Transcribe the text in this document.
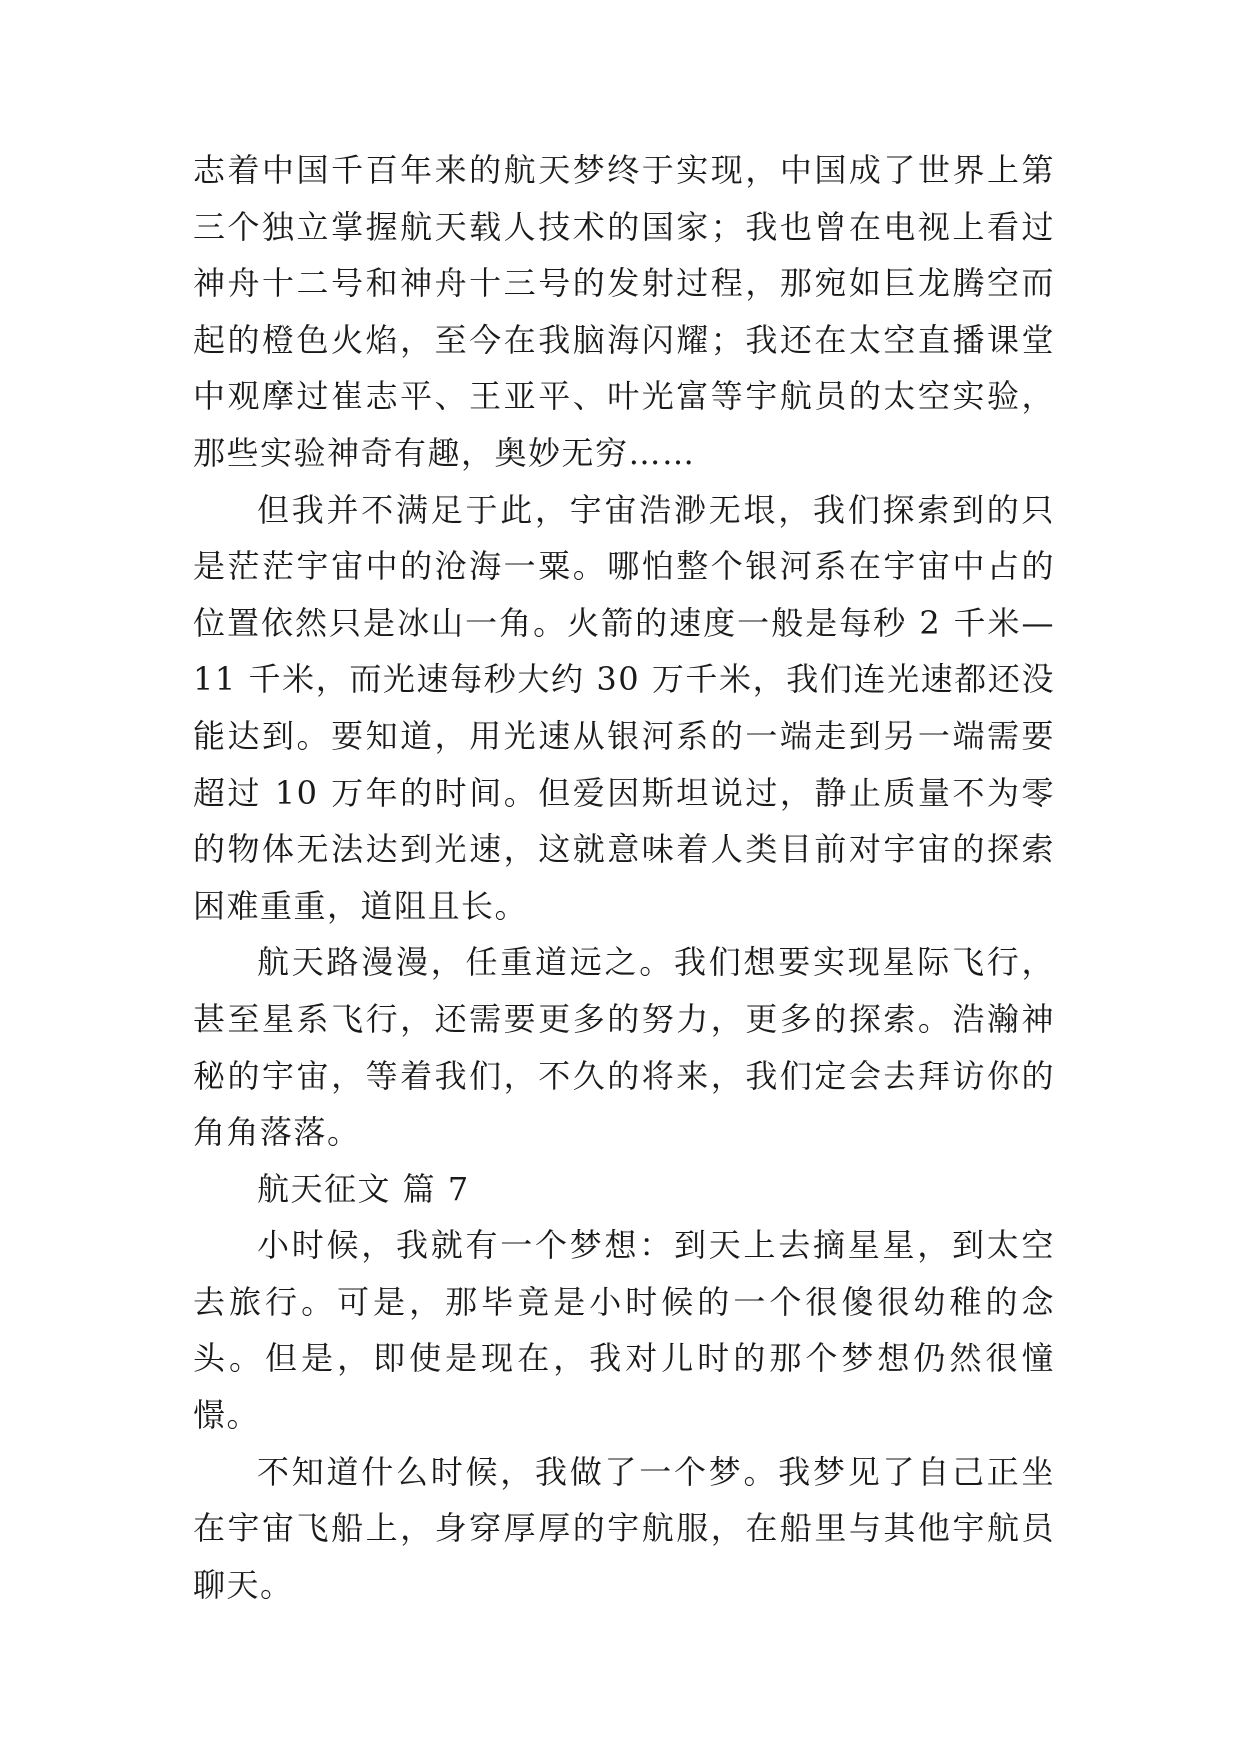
志着中国千百年来的航天梦终于实现，中国成了世界上第三个独立掌握航天载人技术的国家；我也曾在电视上看过神舟十二号和神舟十三号的发射过程，那宛如巨龙腾空而起的橙色火焰，至今在我脑海闪耀；我还在太空直播课堂中观摩过崔志平、王亚平、叶光富等宇航员的太空实验，那些实验神奇有趣，奥妙无穷……

但我并不满足于此，宇宙浩渺无垠，我们探索到的只是茫茫宇宙中的沧海一粟。哪怕整个银河系在宇宙中占的位置依然只是冰山一角。火箭的速度一般是每秒 2 千米—11 千米，而光速每秒大约 30 万千米，我们连光速都还没能达到。要知道，用光速从银河系的一端走到另一端需要超过 10 万年的时间。但爱因斯坦说过，静止质量不为零的物体无法达到光速，这就意味着人类目前对宇宙的探索困难重重，道阻且长。

航天路漫漫，任重道远之。我们想要实现星际飞行，甚至星系飞行，还需要更多的努力，更多的探索。浩瀚神秘的宇宙，等着我们，不久的将来，我们定会去拜访你的角角落落。

航天征文 篇 7

小时候，我就有一个梦想：到天上去摘星星，到太空去旅行。可是，那毕竟是小时候的一个很傻很幼稚的念头。但是，即使是现在，我对儿时的那个梦想仍然很憧憬。

不知道什么时候，我做了一个梦。我梦见了自己正坐在宇宙飞船上，身穿厚厚的宇航服，在船里与其他宇航员聊天。
